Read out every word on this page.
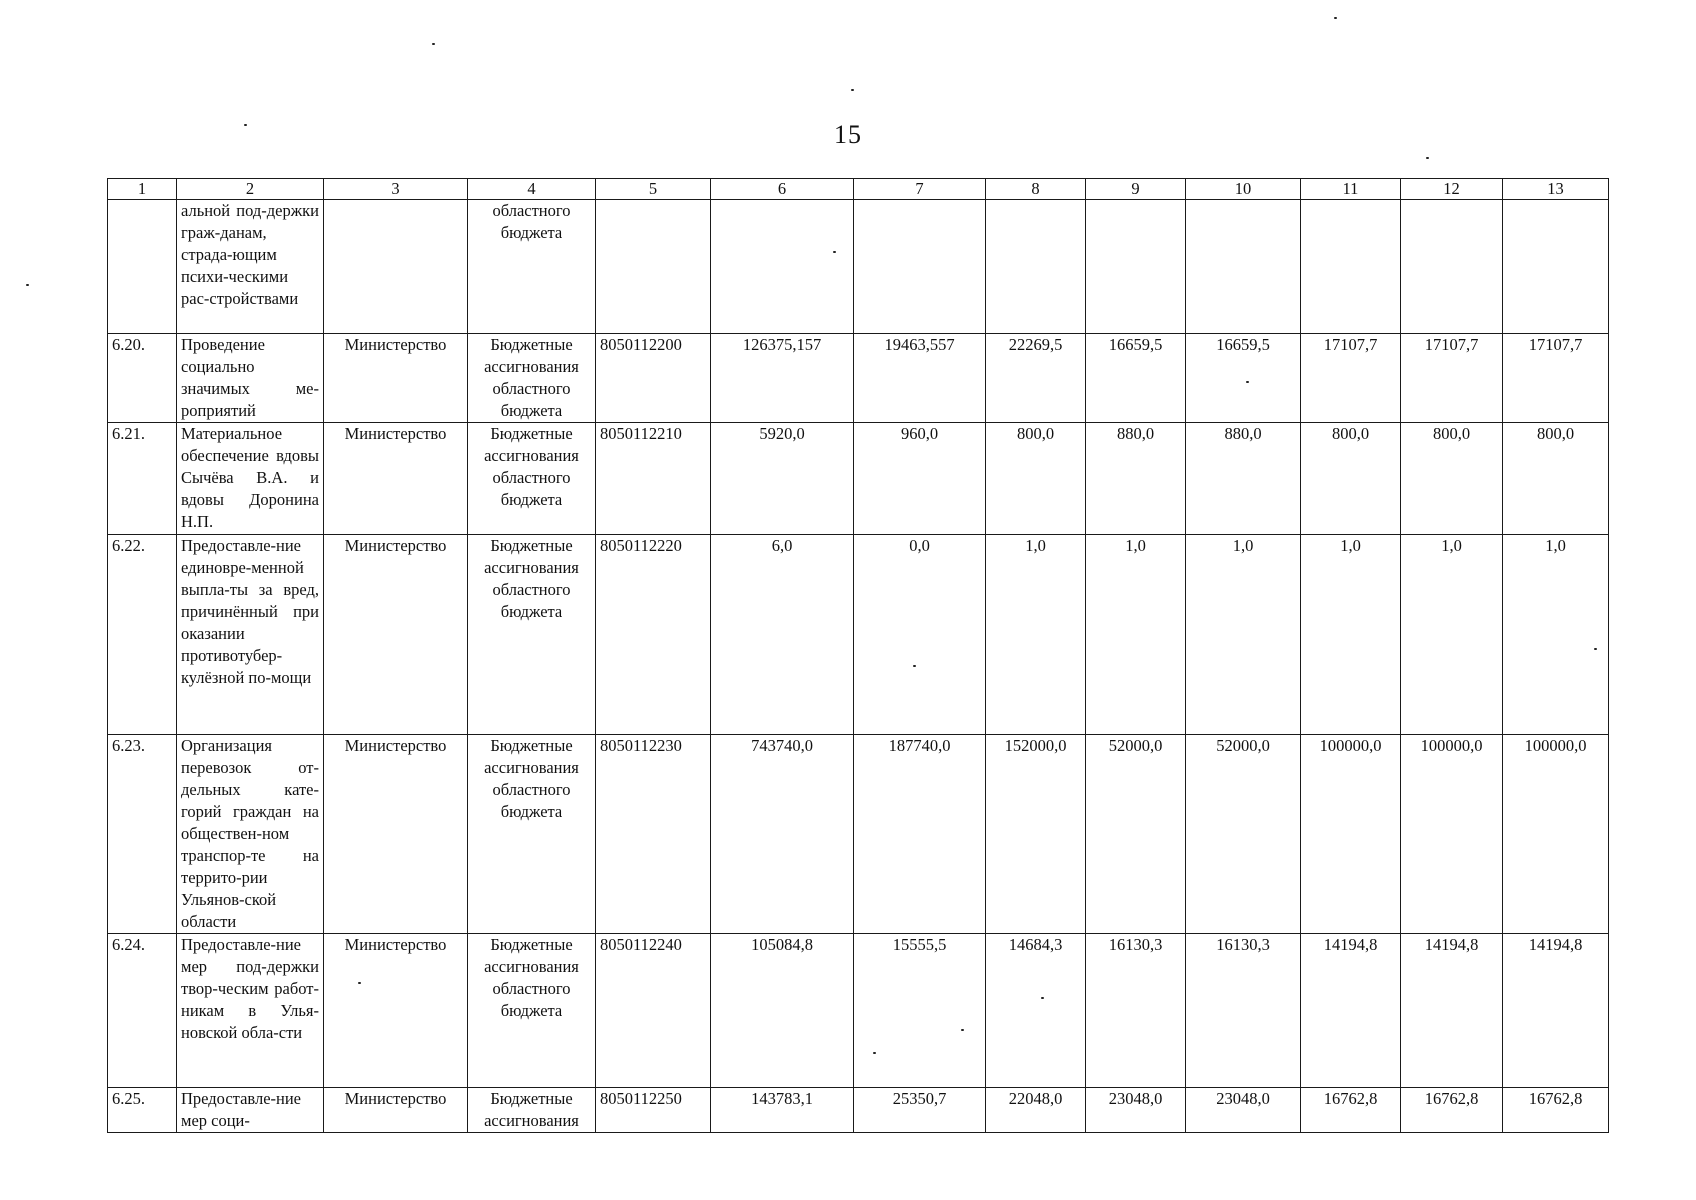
15
1	2	3	4	5	6	7	8	9	10	11	12	13
	альной под-держки граж-данам, страда-ющим психи-ческими рас-стройствами		областного бюджета									
6.20.	Проведение социально значимых ме-роприятий	Министерство	Бюджетные ассигнования областного бюджета	8050112200	126375,157	19463,557	22269,5	16659,5	16659,5	17107,7	17107,7	17107,7
6.21.	Материальное обеспечение вдовы Сычёва В.А. и вдовы Доронина Н.П.	Министерство	Бюджетные ассигнования областного бюджета	8050112210	5920,0	960,0	800,0	880,0	880,0	800,0	800,0	800,0
6.22.	Предоставле-ние единовре-менной выпла-ты за вред, причинённый при оказании противотубер-кулёзной по-мощи	Министерство	Бюджетные ассигнования областного бюджета	8050112220	6,0	0,0	1,0	1,0	1,0	1,0	1,0	1,0
6.23.	Организация перевозок от-дельных кате-горий граждан на обществен-ном транспор-те на террито-рии Ульянов-ской области	Министерство	Бюджетные ассигнования областного бюджета	8050112230	743740,0	187740,0	152000,0	52000,0	52000,0	100000,0	100000,0	100000,0
6.24.	Предоставле-ние мер под-держки твор-ческим работ-никам в Улья-новской обла-сти	Министерство	Бюджетные ассигнования областного бюджета	8050112240	105084,8	15555,5	14684,3	16130,3	16130,3	14194,8	14194,8	14194,8
6.25.	Предоставле-ние мер соци-	Министерство	Бюджетные ассигнования	8050112250	143783,1	25350,7	22048,0	23048,0	23048,0	16762,8	16762,8	16762,8
